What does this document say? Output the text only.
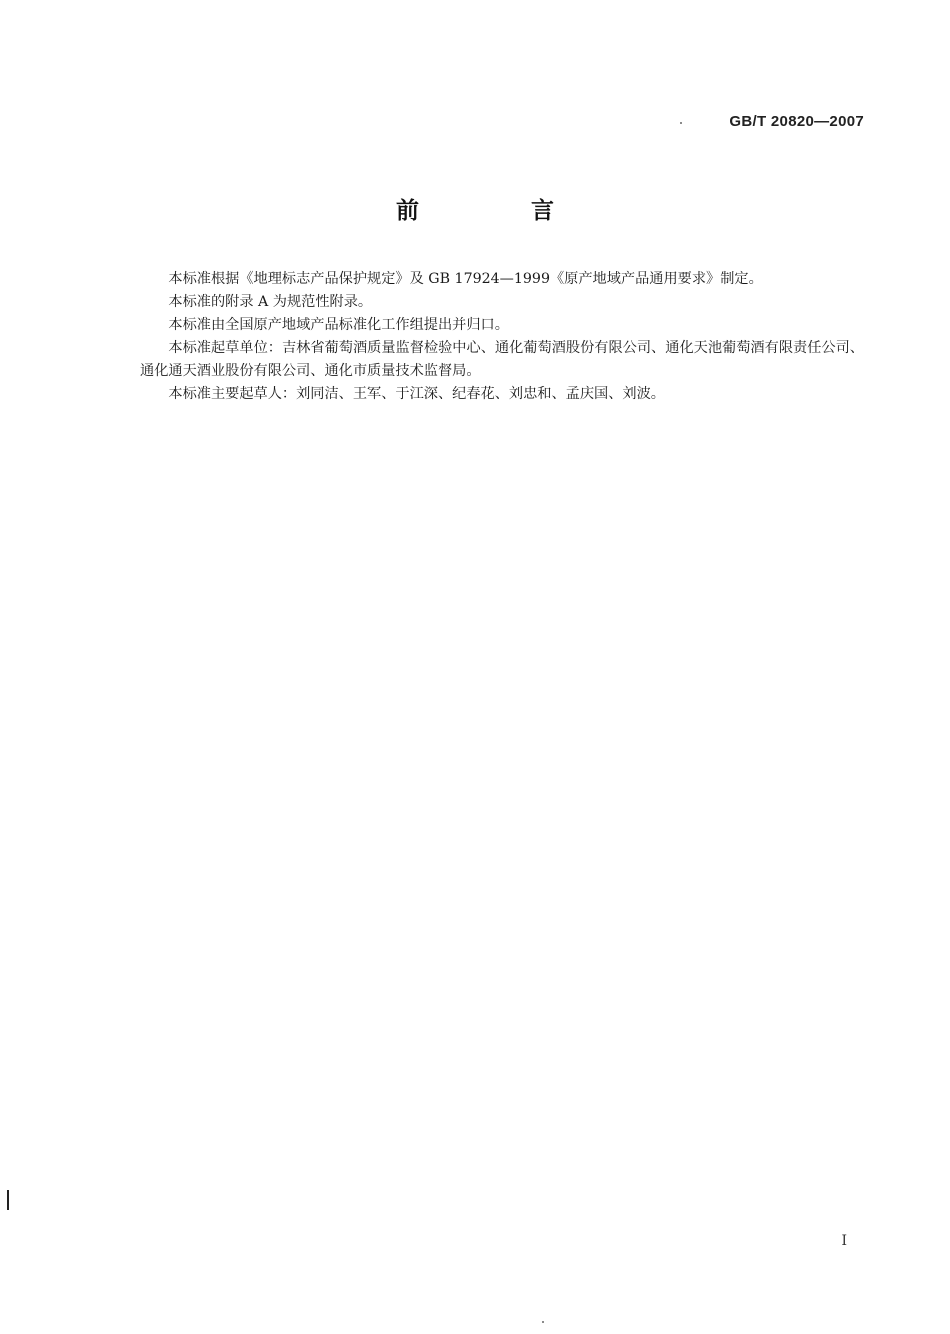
GB/T 20820—2007
前 言

本标准根据《地理标志产品保护规定》及 GB 17924—1999《原产地域产品通用要求》制定。

本标准的附录 A 为规范性附录。

本标准由全国原产地域产品标准化工作组提出并归口。

本标准起草单位：吉林省葡萄酒质量监督检验中心、通化葡萄酒股份有限公司、通化天池葡萄酒有限责任公司、通化通天酒业股份有限公司、通化市质量技术监督局。

本标准主要起草人：刘同洁、王军、于江深、纪春花、刘忠和、孟庆国、刘波。

I
